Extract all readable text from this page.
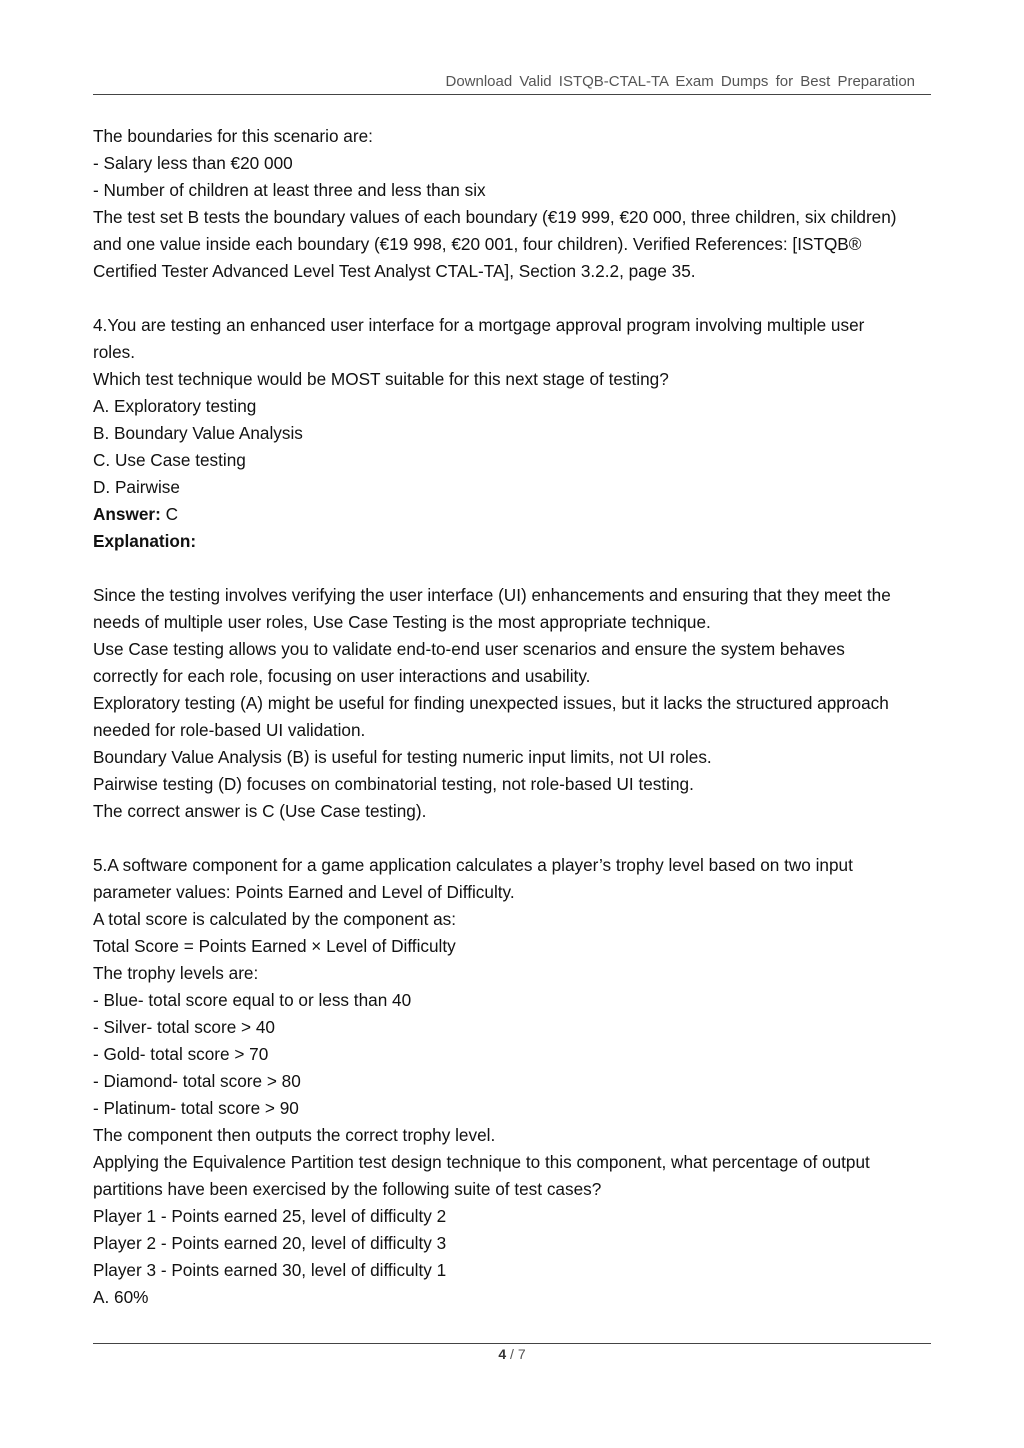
Download Valid ISTQB-CTAL-TA Exam Dumps for Best Preparation
The boundaries for this scenario are:
- Salary less than €20 000
- Number of children at least three and less than six
The test set B tests the boundary values of each boundary (€19 999, €20 000, three children, six children)
and one value inside each boundary (€19 998, €20 001, four children). Verified References: [ISTQB®
Certified Tester Advanced Level Test Analyst CTAL-TA], Section 3.2.2, page 35.
4.You are testing an enhanced user interface for a mortgage approval program involving multiple user
roles.
Which test technique would be MOST suitable for this next stage of testing?
A. Exploratory testing
B. Boundary Value Analysis
C. Use Case testing
D. Pairwise
Answer: C
Explanation:
Since the testing involves verifying the user interface (UI) enhancements and ensuring that they meet the
needs of multiple user roles, Use Case Testing is the most appropriate technique.
Use Case testing allows you to validate end-to-end user scenarios and ensure the system behaves
correctly for each role, focusing on user interactions and usability.
Exploratory testing (A) might be useful for finding unexpected issues, but it lacks the structured approach
needed for role-based UI validation.
Boundary Value Analysis (B) is useful for testing numeric input limits, not UI roles.
Pairwise testing (D) focuses on combinatorial testing, not role-based UI testing.
The correct answer is C (Use Case testing).
5.A software component for a game application calculates a player’s trophy level based on two input
parameter values: Points Earned and Level of Difficulty.
A total score is calculated by the component as:
Total Score = Points Earned × Level of Difficulty
The trophy levels are:
- Blue- total score equal to or less than 40
- Silver- total score > 40
- Gold- total score > 70
- Diamond- total score > 80
- Platinum- total score > 90
The component then outputs the correct trophy level.
Applying the Equivalence Partition test design technique to this component, what percentage of output
partitions have been exercised by the following suite of test cases?
Player 1 - Points earned 25, level of difficulty 2
Player 2 - Points earned 20, level of difficulty 3
Player 3 - Points earned 30, level of difficulty 1
A. 60%
4 / 7
